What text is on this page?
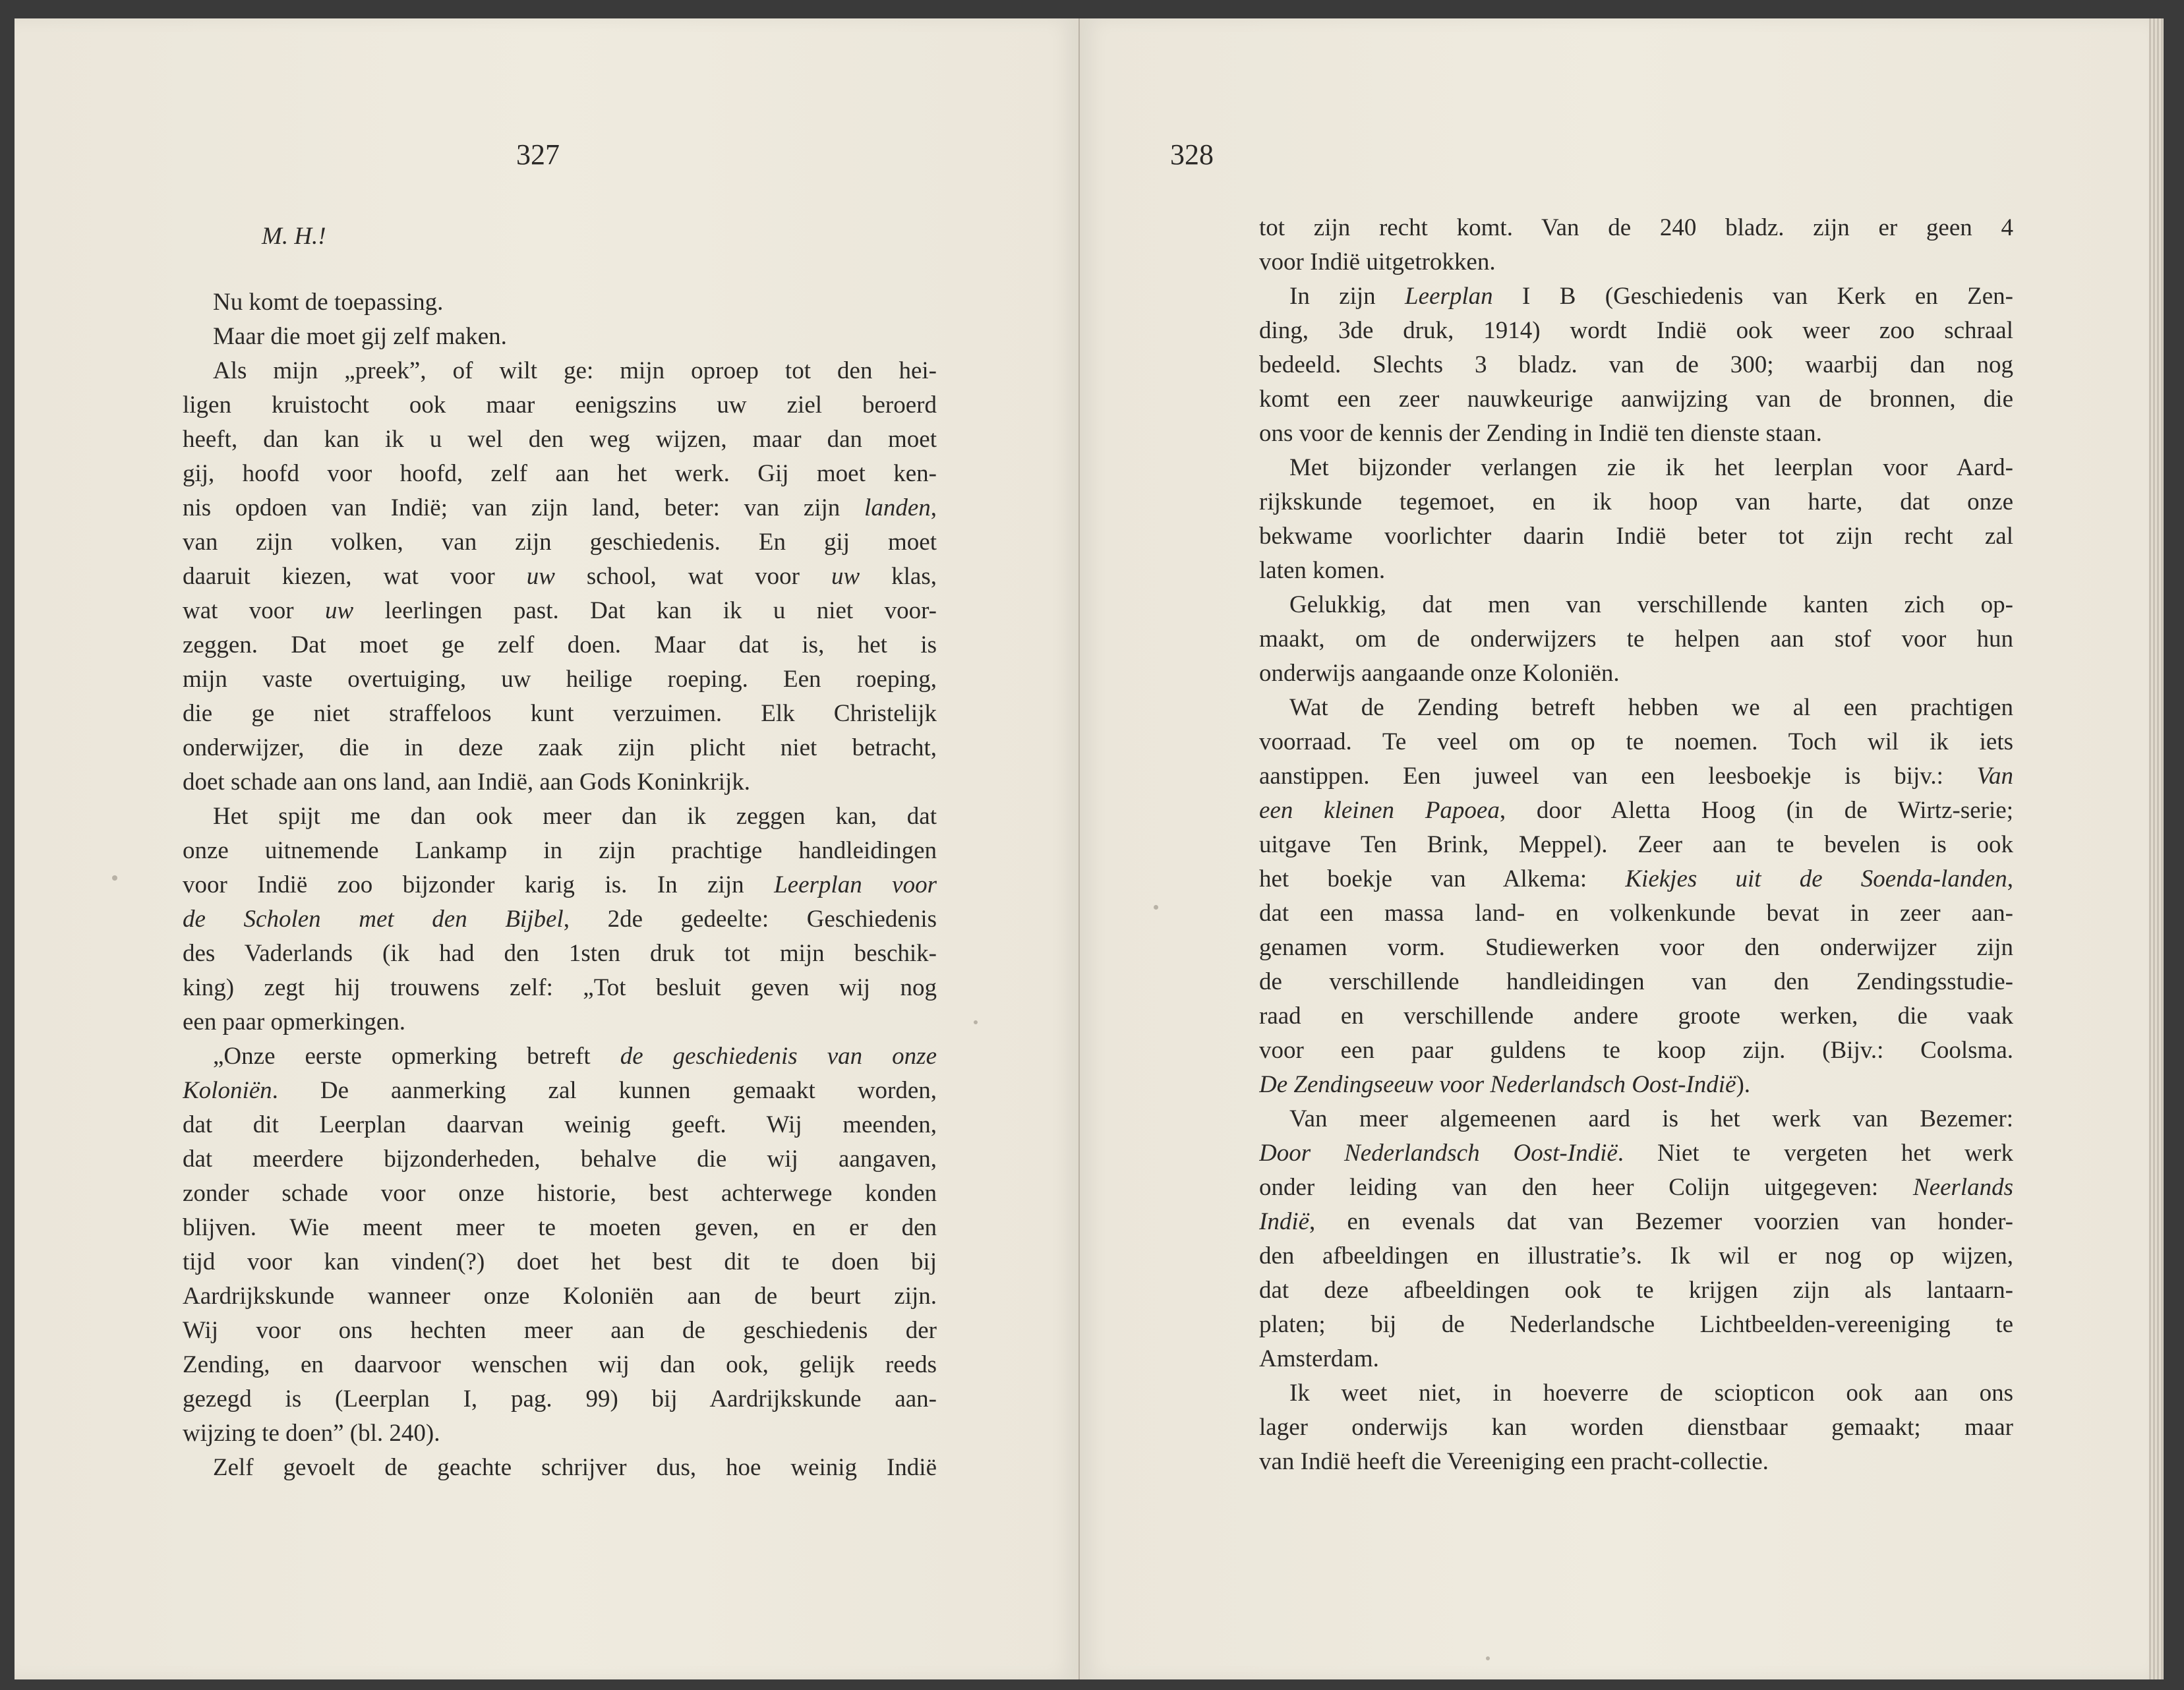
327
M. H.!
Nu komt de toepassing.
Maar die moet gij zelf maken.
Als mijn „preek”, of wilt ge: mijn oproep tot den hei-
ligen kruistocht ook maar eenigszins uw ziel beroerd
heeft, dan kan ik u wel den weg wijzen, maar dan moet
gij, hoofd voor hoofd, zelf aan het werk. Gij moet ken-
nis opdoen van Indië; van zijn land, beter: van zijn landen,
van zijn volken, van zijn geschiedenis. En gij moet
daaruit kiezen, wat voor uw school, wat voor uw klas,
wat voor uw leerlingen past. Dat kan ik u niet voor-
zeggen. Dat moet ge zelf doen. Maar dat is, het is
mijn vaste overtuiging, uw heilige roeping. Een roeping,
die ge niet straffeloos kunt verzuimen. Elk Christelijk
onderwijzer, die in deze zaak zijn plicht niet betracht,
doet schade aan ons land, aan Indië, aan Gods Koninkrijk.
Het spijt me dan ook meer dan ik zeggen kan, dat
onze uitnemende Lankamp in zijn prachtige handleidingen
voor Indië zoo bijzonder karig is. In zijn Leerplan voor
de Scholen met den Bijbel, 2de gedeelte: Geschiedenis
des Vaderlands (ik had den 1sten druk tot mijn beschik-
king) zegt hij trouwens zelf: „Tot besluit geven wij nog
een paar opmerkingen.
„Onze eerste opmerking betreft de geschiedenis van onze
Koloniën. De aanmerking zal kunnen gemaakt worden,
dat dit Leerplan daarvan weinig geeft. Wij meenden,
dat meerdere bijzonderheden, behalve die wij aangaven,
zonder schade voor onze historie, best achterwege konden
blijven. Wie meent meer te moeten geven, en er den
tijd voor kan vinden(?) doet het best dit te doen bij
Aardrijkskunde wanneer onze Koloniën aan de beurt zijn.
Wij voor ons hechten meer aan de geschiedenis der
Zending, en daarvoor wenschen wij dan ook, gelijk reeds
gezegd is (Leerplan I, pag. 99) bij Aardrijkskunde aan-
wijzing te doen” (bl. 240).
Zelf gevoelt de geachte schrijver dus, hoe weinig Indië
328
tot zijn recht komt. Van de 240 bladz. zijn er geen 4
voor Indië uitgetrokken.
In zijn Leerplan I B (Geschiedenis van Kerk en Zen-
ding, 3de druk, 1914) wordt Indië ook weer zoo schraal
bedeeld. Slechts 3 bladz. van de 300; waarbij dan nog
komt een zeer nauwkeurige aanwijzing van de bronnen, die
ons voor de kennis der Zending in Indië ten dienste staan.
Met bijzonder verlangen zie ik het leerplan voor Aard-
rijkskunde tegemoet, en ik hoop van harte, dat onze
bekwame voorlichter daarin Indië beter tot zijn recht zal
laten komen.
Gelukkig, dat men van verschillende kanten zich op-
maakt, om de onderwijzers te helpen aan stof voor hun
onderwijs aangaande onze Koloniën.
Wat de Zending betreft hebben we al een prachtigen
voorraad. Te veel om op te noemen. Toch wil ik iets
aanstippen. Een juweel van een leesboekje is bijv.: Van
een kleinen Papoea, door Aletta Hoog (in de Wirtz-serie;
uitgave Ten Brink, Meppel). Zeer aan te bevelen is ook
het boekje van Alkema: Kiekjes uit de Soenda-landen,
dat een massa land- en volkenkunde bevat in zeer aan-
genamen vorm. Studiewerken voor den onderwijzer zijn
de verschillende handleidingen van den Zendingsstudie-
raad en verschillende andere groote werken, die vaak
voor een paar guldens te koop zijn. (Bijv.: Coolsma.
De Zendingseeuw voor Nederlandsch Oost-Indië).
Van meer algemeenen aard is het werk van Bezemer:
Door Nederlandsch Oost-Indië. Niet te vergeten het werk
onder leiding van den heer Colijn uitgegeven: Neerlands
Indië, en evenals dat van Bezemer voorzien van honder-
den afbeeldingen en illustratie’s. Ik wil er nog op wijzen,
dat deze afbeeldingen ook te krijgen zijn als lantaarn-
platen; bij de Nederlandsche Lichtbeelden-vereeniging te
Amsterdam.
Ik weet niet, in hoeverre de sciopticon ook aan ons
lager onderwijs kan worden dienstbaar gemaakt; maar
van Indië heeft die Vereeniging een pracht-collectie.
